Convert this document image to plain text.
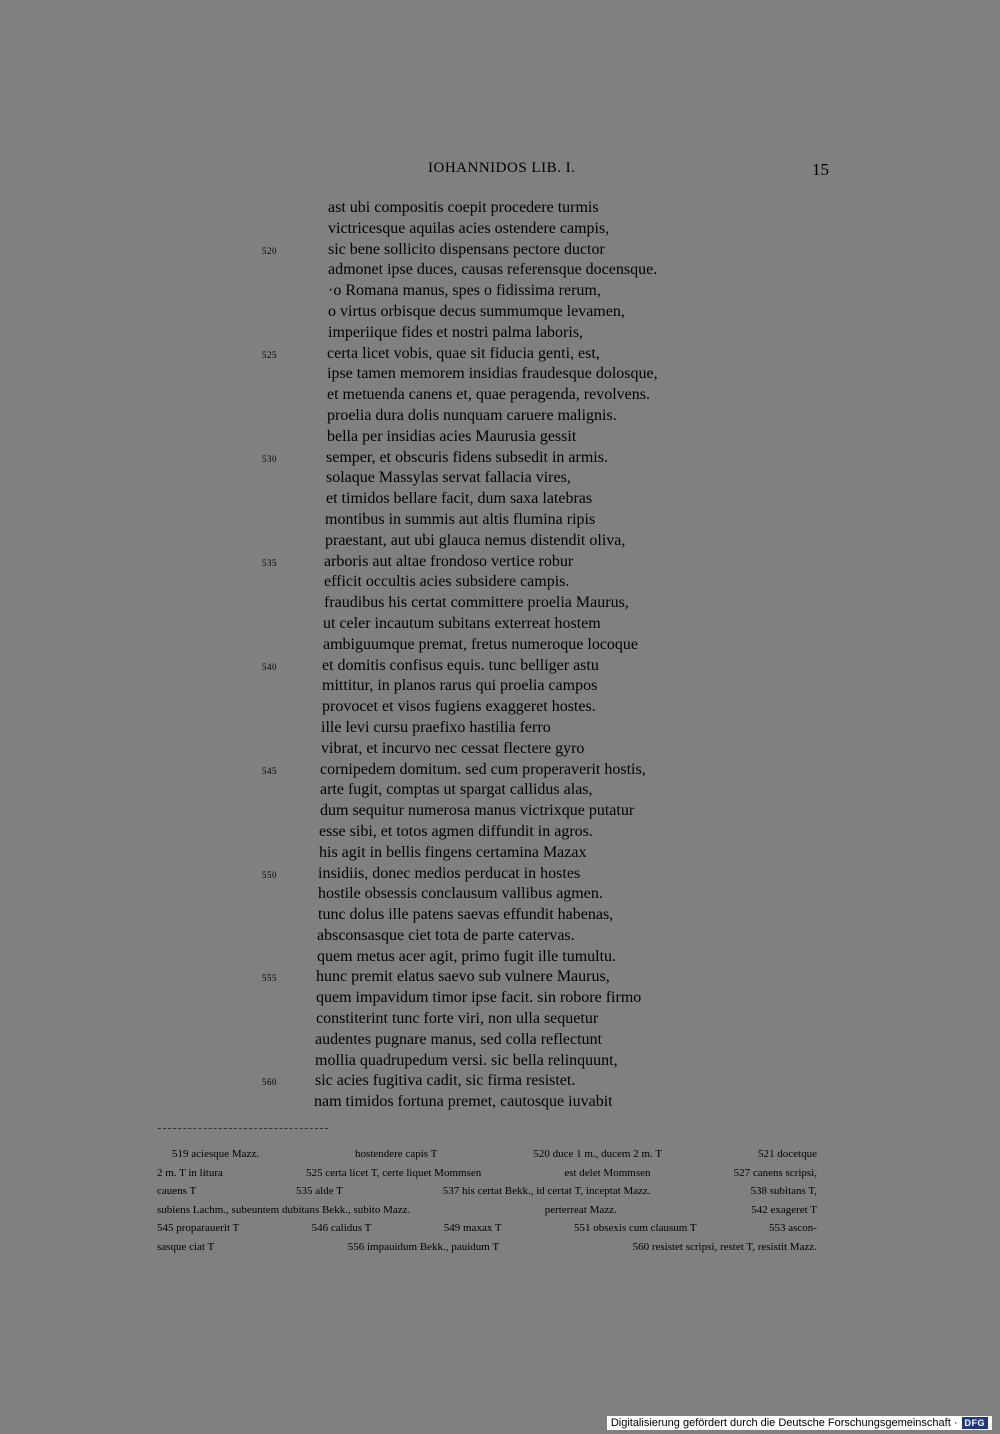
IOHANNIDOS LIB. I.	15
ast ubi compositis coepit procedere turmis
victricesque aquilas acies ostendere campis,
520	sic bene sollicito dispensans pectore ductor
admonet ipse duces, causas referensque docensque.
·o Romana manus, spes o fidissima rerum,
o virtus orbisque decus summumque levamen,
imperiique fides et nostri palma laboris,
525	certa licet vobis, quae sit fiducia genti, est,
ipse tamen memorem insidias fraudesque dolosque,
et metuenda canens et, quae peragenda, revolvens.
proelia dura dolis nunquam caruere malignis.
bella per insidias acies Maurusia gessit
530	semper, et obscuris fidens subsedit in armis.
solaque Massylas servat fallacia vires,
et timidos bellare facit, dum saxa latebras
montibus in summis aut altis flumina ripis
praestant, aut ubi glauca nemus distendit oliva,
535	arboris aut altae frondoso vertice robur
efficit occultis acies subsidere campis.
fraudibus his certat committere proelia Maurus,
ut celer incautum subitans exterreat hostem
ambiguumque premat, fretus numeroque locoque
540	et domitis confisus equis. tunc belliger astu
mittitur, in planos rarus qui proelia campos
provocet et visos fugiens exaggeret hostes.
ille levi cursu praefixo hastilia ferro
vibrat, et incurvo nec cessat flectere gyro
545	cornipedem domitum. sed cum properaverit hostis,
arte fugit, comptas ut spargat callidus alas,
dum sequitur numerosa manus victrixque putatur
esse sibi, et totos agmen diffundit in agros.
his agit in bellis fingens certamina Mazax
550	insidiis, donec medios perducat in hostes
hostile obsessis conclausum vallibus agmen.
tunc dolus ille patens saevas effundit habenas,
absconsasque ciet tota de parte catervas.
quem metus acer agit, primo fugit ille tumultu.
555 hunc premit elatus saevo sub vulnere Maurus,
quem impavidum timor ipse facit. sin robore firmo
constiterint tunc forte viri, non ulla sequetur
audentes pugnare manus, sed colla reflectunt
mollia quadrupedum versi. sic bella relinquunt,
560 sic acies fugitiva cadit, sic firma resistet.
nam timidos fortuna premet, cautosque iuvabit
519 aciesque Mazz.	hostendere capis T	520 duce 1 m., ducem 2 m. T	521 docetque
2 m. T in litura	525 certa licet T, certe liquet Mommsen	est delet Mommsen	527 canens scripsi,
cauens T	535 alde T	537 his certat Bekk., id certat T, inceptat Mazz.	538 subitans T,
subiens Lachm., subeuntem dubitans Bekk., subito Mazz.	perterreat Mazz.	542 exageret T
545 proparauerit T	546 calidus T	549 maxax T	551 obsexis cum clausum T	553 ascon-
sasque ciat T	556 impauidum Bekk., pauidum T	560 resistet scripsi, restet T, resistit Mazz.
Digitalisierung gefördert durch die Deutsche Forschungsgemeinschaft · DFG
